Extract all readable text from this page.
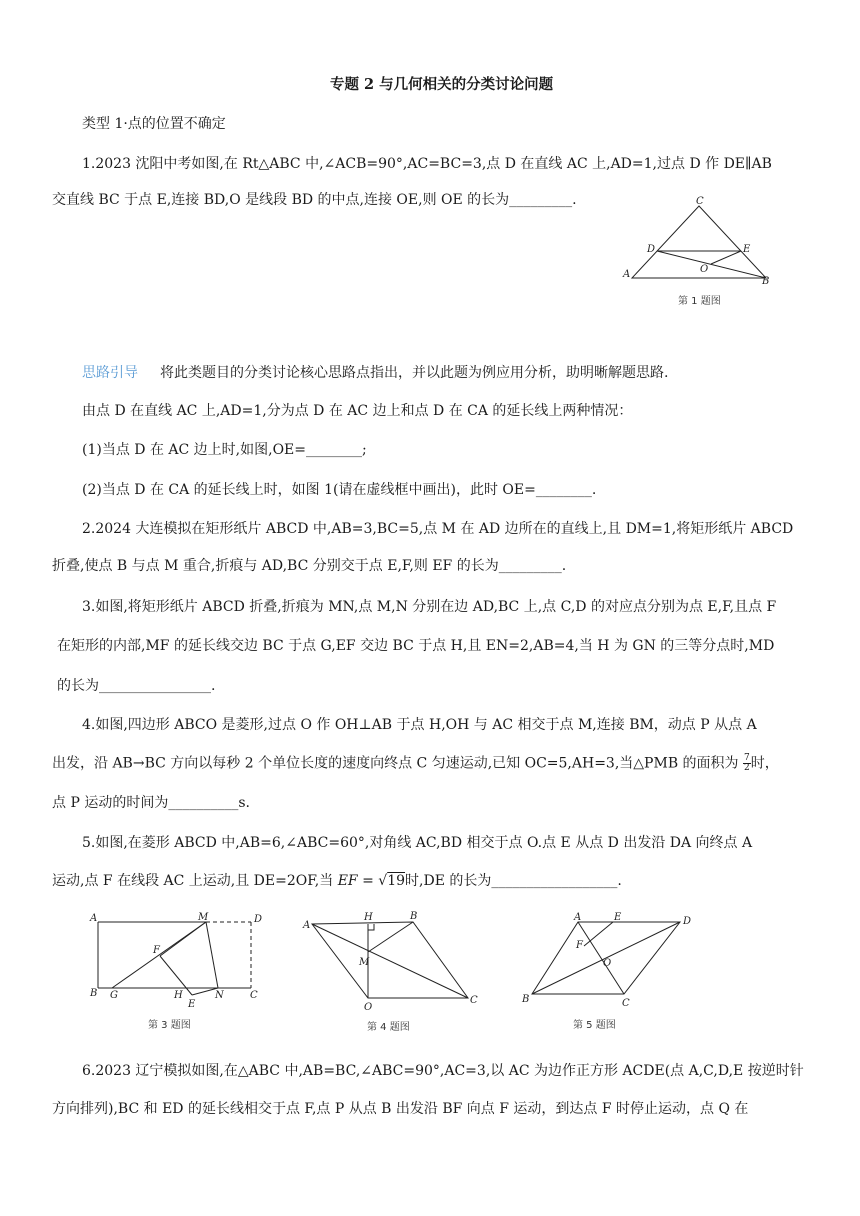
专题 2 与几何相关的分类讨论问题
类型 1·点的位置不确定
1.2023 沈阳中考如图,在 Rt△ABC 中,∠ACB=90°,AC=BC=3,点 D 在直线 AC 上,AD=1,过点 D 作 DE∥AB
交直线 BC 于点 E,连接 BD,O 是线段 BD 的中点,连接 OE,则 OE 的长为_________.	C
D	E
O
A
B
第 1 题图
思路引导 将此类题目的分类讨论核心思路点指出，并以此题为例应用分析，助明晰解题思路.
由点 D 在直线 AC 上,AD=1,分为点 D 在 AC 边上和点 D 在 CA 的延长线上两种情况：
(1)当点 D 在 AC 边上时,如图,OE=________;
(2)当点 D 在 CA 的延长线上时，如图 1(请在虚线框中画出)，此时 OE=________.
2.2024 大连模拟在矩形纸片 ABCD 中,AB=3,BC=5,点 M 在 AD 边所在的直线上,且 DM=1,将矩形纸片 ABCD
折叠,使点 B 与点 M 重合,折痕与 AD,BC 分别交于点 E,F,则 EF 的长为_________.
3.如图,将矩形纸片 ABCD 折叠,折痕为 MN,点 M,N 分别在边 AD,BC 上,点 C,D 的对应点分别为点 E,F,且点 F
在矩形的内部,MF 的延长线交边 BC 于点 G,EF 交边 BC 于点 H,且 EN=2,AB=4,当 H 为 GN 的三等分点时,MD
的长为________________.
4.如图,四边形 ABCO 是菱形,过点 O 作 OH⊥AB 于点 H,OH 与 AC 相交于点 M,连接 BM，动点 P 从点 A
出发，沿 AB→BC 方向以每秒 2 个单位长度的速度向终点 C 匀速运动,已知 OC=5,AH=3,当△PMB 的面积为 $\frac{7}{2}$ 时，
点 P 运动的时间为__________s.
5.如图,在菱形 ABCD 中,AB=6,∠ABC=60°,对角线 AC,BD 相交于点 O.点 E 从点 D 出发沿 DA 向终点 A
运动,点 F 在线段 AC 上运动,且 DE=2OF,当 EF = √19时,DE 的长为__________________.
A	M	D
F
B G	H	N	C
E
第 3 题图
A
H	B
M
O
C
第 4 题图
A	E	D
F
O
B	C
第 5 题图
6.2023 辽宁模拟如图,在△ABC 中,AB=BC,∠ABC=90°,AC=3,以 AC 为边作正方形 ACDE(点 A,C,D,E 按逆时针
方向排列),BC 和 ED 的延长线相交于点 F,点 P 从点 B 出发沿 BF 向点 F 运动，到达点 F 时停止运动，点 Q 在
